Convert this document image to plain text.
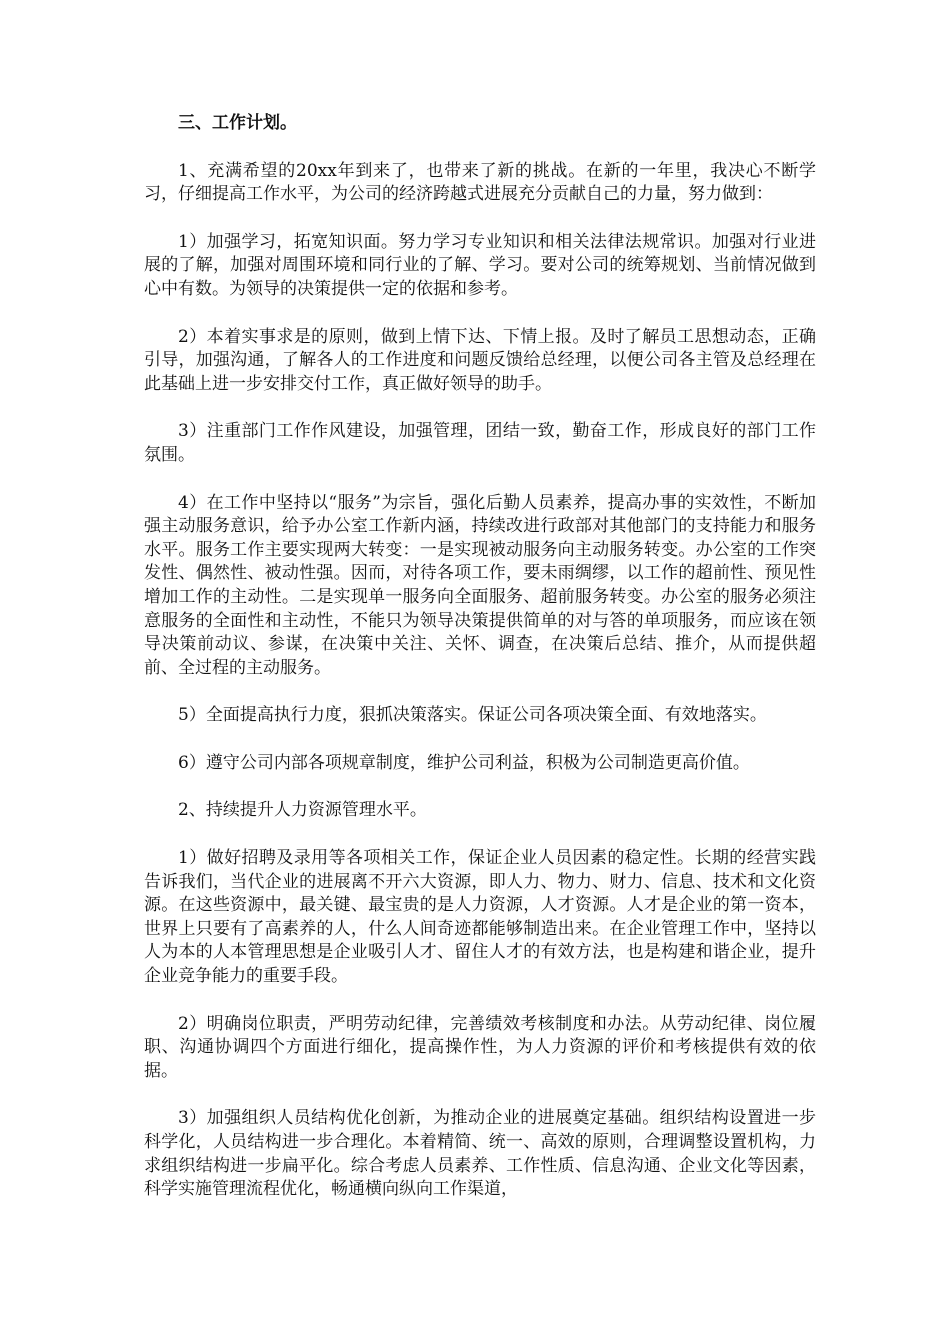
三、工作计划。

1、充满希望的20xx年到来了，也带来了新的挑战。在新的一年里，我决心不断学习，仔细提高工作水平，为公司的经济跨越式进展充分贡献自己的力量，努力做到：

1）加强学习，拓宽知识面。努力学习专业知识和相关法律法规常识。加强对行业进展的了解，加强对周围环境和同行业的了解、学习。要对公司的统筹规划、当前情况做到心中有数。为领导的决策提供一定的依据和参考。

2）本着实事求是的原则，做到上情下达、下情上报。及时了解员工思想动态，正确引导，加强沟通，了解各人的工作进度和问题反馈给总经理，以便公司各主管及总经理在此基础上进一步安排交付工作，真正做好领导的助手。

3）注重部门工作作风建设，加强管理，团结一致，勤奋工作，形成良好的部门工作氛围。

4）在工作中坚持以“服务”为宗旨，强化后勤人员素养，提高办事的实效性，不断加强主动服务意识，给予办公室工作新内涵，持续改进行政部对其他部门的支持能力和服务水平。服务工作主要实现两大转变：一是实现被动服务向主动服务转变。办公室的工作突发性、偶然性、被动性强。因而，对待各项工作，要未雨绸缪，以工作的超前性、预见性增加工作的主动性。二是实现单一服务向全面服务、超前服务转变。办公室的服务必须注意服务的全面性和主动性，不能只为领导决策提供简单的对与答的单项服务，而应该在领导决策前动议、参谋，在决策中关注、关怀、调查，在决策后总结、推介，从而提供超前、全过程的主动服务。

5）全面提高执行力度，狠抓决策落实。保证公司各项决策全面、有效地落实。

6）遵守公司内部各项规章制度，维护公司利益，积极为公司制造更高价值。

2、持续提升人力资源管理水平。

1）做好招聘及录用等各项相关工作，保证企业人员因素的稳定性。长期的经营实践告诉我们，当代企业的进展离不开六大资源，即人力、物力、财力、信息、技术和文化资源。在这些资源中，最关键、最宝贵的是人力资源，人才资源。人才是企业的第一资本，世界上只要有了高素养的人，什么人间奇迹都能够制造出来。在企业管理工作中，坚持以人为本的人本管理思想是企业吸引人才、留住人才的有效方法，也是构建和谐企业，提升企业竞争能力的重要手段。

2）明确岗位职责，严明劳动纪律，完善绩效考核制度和办法。从劳动纪律、岗位履职、沟通协调四个方面进行细化，提高操作性，为人力资源的评价和考核提供有效的依据。

3）加强组织人员结构优化创新，为推动企业的进展奠定基础。组织结构设置进一步科学化，人员结构进一步合理化。本着精简、统一、高效的原则，合理调整设置机构，力求组织结构进一步扁平化。综合考虑人员素养、工作性质、信息沟通、企业文化等因素，科学实施管理流程优化，畅通横向纵向工作渠道，
